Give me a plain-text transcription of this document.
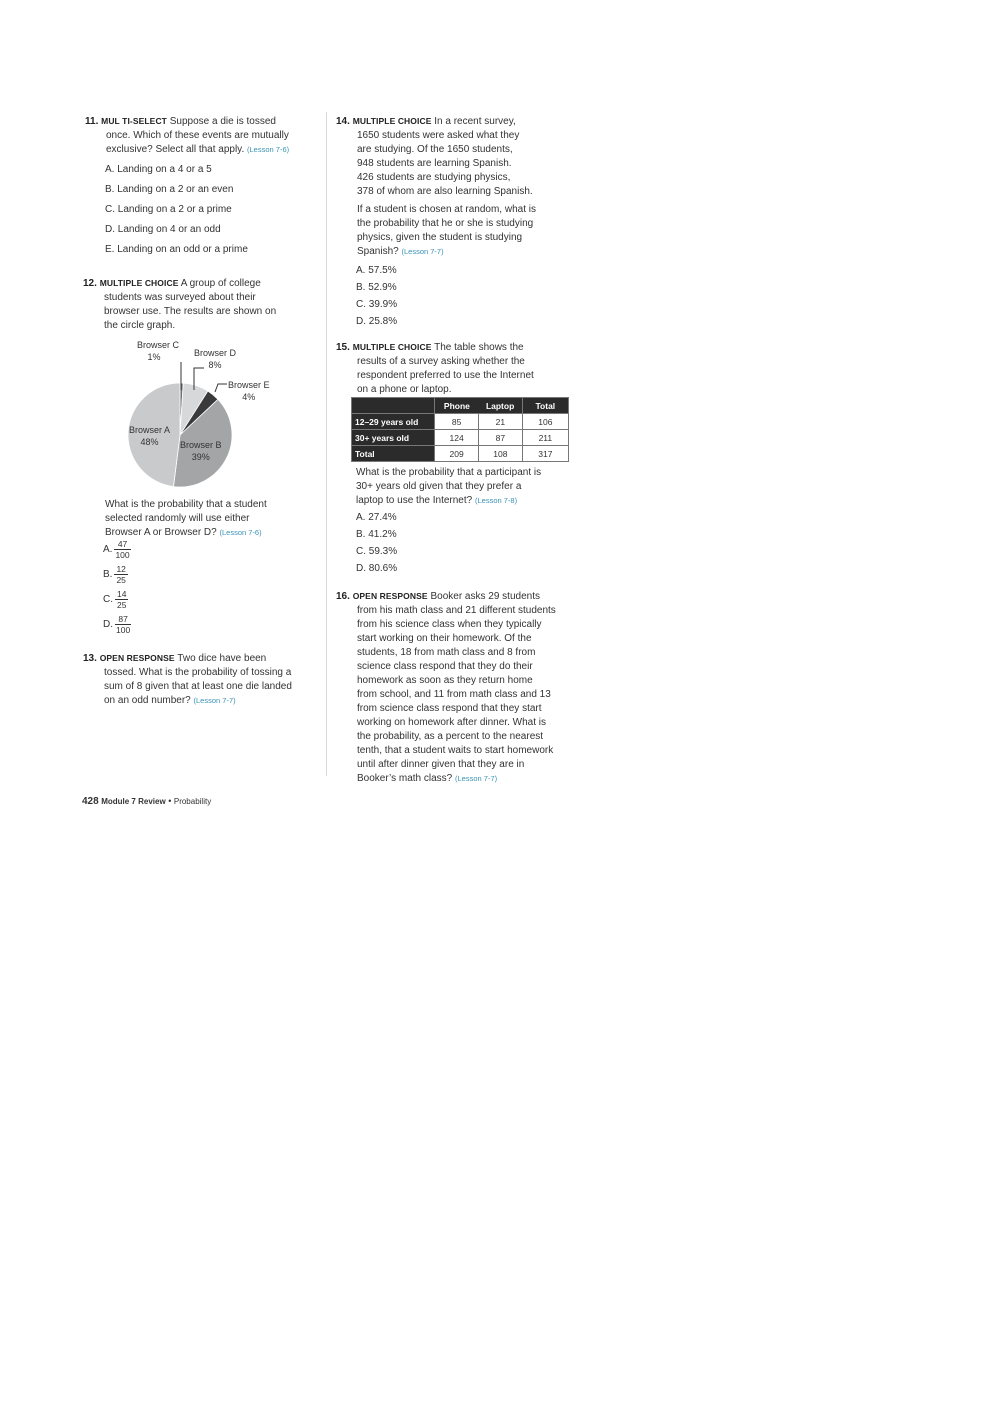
11. MUL TI-SELECT Suppose a die is tossed
once. Which of these events are mutually
exclusive? Select all that apply. (Lesson 7-6)
A. Landing on a 4 or a 5
B. Landing on a 2 or an even
C. Landing on a 2 or a prime
D. Landing on 4 or an odd
E. Landing on an odd or a prime
12. MULTIPLE CHOICE A group of college
students was surveyed about their
browser use. The results are shown on
the circle graph.
Browser C
1%	Browser D
8%
Browser E
4%
Browser A
48%	Browser B
39%
What is the probability that a student
selected randomly will use either
Browser A or Browser D? (Lesson 7-6)
A. $\frac{47}{100}$
B. $\frac{12}{25}$
C. $\frac{14}{25}$
D. $\frac{87}{100}$
13. OPEN RESPONSE Two dice have been
tossed. What is the probability of tossing a
sum of 8 given that at least one die landed
on an odd number? (Lesson 7-7)
14. MULTIPLE CHOICE In a recent survey,
1650 students were asked what they
are studying. Of the 1650 students,
948 students are learning Spanish.
426 students are studying physics,
378 of whom are also learning Spanish.
If a student is chosen at random, what is
the probability that he or she is studying
physics, given the student is studying
Spanish? (Lesson 7-7)
A. 57.5%
B. 52.9%
C. 39.9%
D. 25.8%
15. MULTIPLE CHOICE The table shows the
results of a survey asking whether the
respondent preferred to use the Internet
on a phone or laptop.
	Phone	Laptop	Total
12–29 years old	85	21	106
30+ years old	124	87	211
Total	209	108	317
What is the probability that a participant is
30+ years old given that they prefer a
laptop to use the Internet? (Lesson 7-8)
A. 27.4%
B. 41.2%
C. 59.3%
D. 80.6%
16. OPEN RESPONSE Booker asks 29 students
from his math class and 21 different students
from his science class when they typically
start working on their homework. Of the
students, 18 from math class and 8 from
science class respond that they do their
homework as soon as they return home
from school, and 11 from math class and 13
from science class respond that they start
working on homework after dinner. What is
the probability, as a percent to the nearest
tenth, that a student waits to start homework
until after dinner given that they are in
Booker’s math class? (Lesson 7-7)
428 Module 7 Review • Probability
